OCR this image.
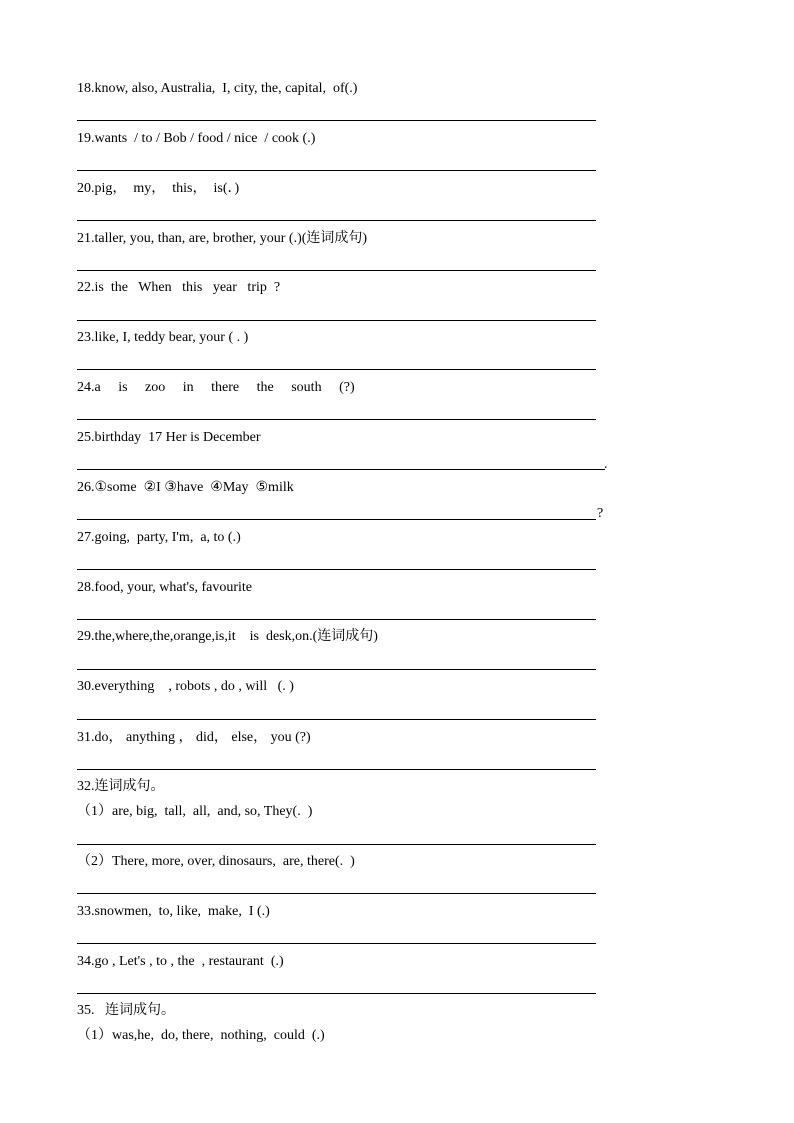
18.know, also, Australia,  I, city, the, capital,  of(.)
19.wants  / to / Bob / food / nice  / cook (.)
20.pig，  my，  this，  is(．)
21.taller, you, than, are, brother, your (.)(连词成句)
22.is  the   When   this   year   trip  ?
23.like, I, teddy bear, your ( . )
24.a     is     zoo     in     there     the     south     (?)
25.birthday  17 Her is December
.
26.①some  ②I ③have  ④May  ⑤milk
?
27.going,  party, I'm,  a, to (.)
28.food, your, what's, favourite
29.the,where,the,orange,is,it    is  desk,on.(连词成句)
30.everything    , robots , do , will   (. )
31.do， anything ， did， else， you (?)
32.连词成句。
（1）are, big,  tall,  all,  and, so, They(.  )
（2）There, more, over, dinosaurs,  are, there(.  )
33.snowmen,  to, like,  make,  I (.)
34.go , Let's , to , the  , restaurant  (.)
35.   连词成句。
（1）was,he,  do, there,  nothing,  could  (.)
